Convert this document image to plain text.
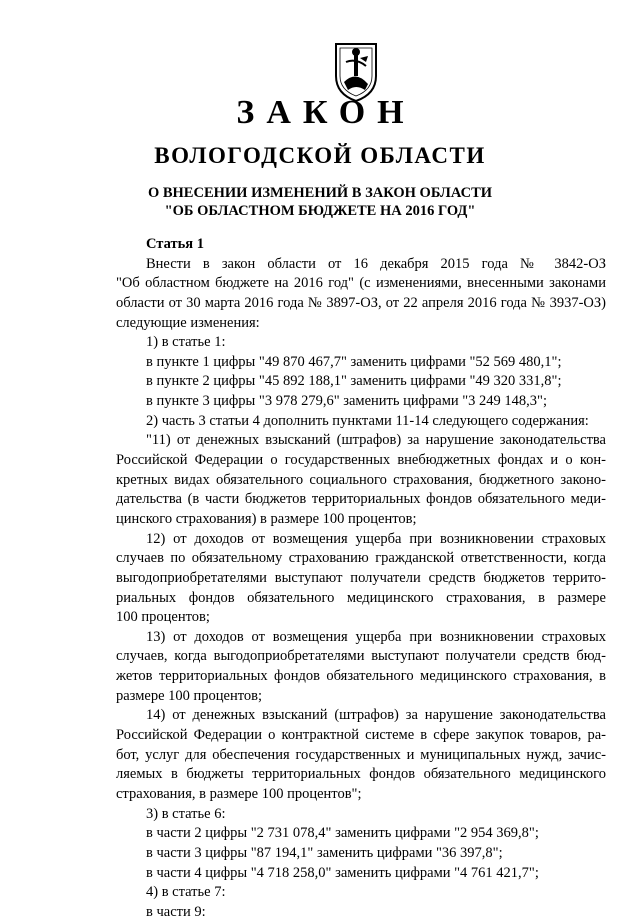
ЗАКОН
ВОЛОГОДСКОЙ ОБЛАСТИ
О ВНЕСЕНИИ ИЗМЕНЕНИЙ В ЗАКОН ОБЛАСТИ
"ОБ ОБЛАСТНОМ БЮДЖЕТЕ НА 2016 ГОД"
Статья 1
Внести в закон области от 16 декабря 2015 года № 3842-ОЗ
"Об областном бюджете на 2016 год" (с изменениями, внесенными законами
области от 30 марта 2016 года № 3897-ОЗ, от 22 апреля 2016 года № 3937-ОЗ)
следующие изменения:
1) в статье 1:
в пункте 1 цифры "49 870 467,7" заменить цифрами "52 569 480,1";
в пункте 2 цифры "45 892 188,1" заменить цифрами "49 320 331,8";
в пункте 3 цифры "3 978 279,6" заменить цифрами "3 249 148,3";
2) часть 3 статьи 4 дополнить пунктами 11-14 следующего содержания:
"11) от денежных взысканий (штрафов) за нарушение законодательства
Российской Федерации о государственных внебюджетных фондах и о кон-
кретных видах обязательного социального страхования, бюджетного законо-
дательства (в части бюджетов территориальных фондов обязательного меди-
цинского страхования) в размере 100 процентов;
12) от доходов от возмещения ущерба при возникновении страховых
случаев по обязательному страхованию гражданской ответственности, когда
выгодоприобретателями выступают получатели средств бюджетов террито-
риальных фондов обязательного медицинского страхования, в размере
100 процентов;
13) от доходов от возмещения ущерба при возникновении страховых
случаев, когда выгодоприобретателями выступают получатели средств бюд-
жетов территориальных фондов обязательного медицинского страхования, в
размере 100 процентов;
14) от денежных взысканий (штрафов) за нарушение законодательства
Российской Федерации о контрактной системе в сфере закупок товаров, ра-
бот, услуг для обеспечения государственных и муниципальных нужд, зачис-
ляемых в бюджеты территориальных фондов обязательного медицинского
страхования, в размере 100 процентов";
3) в статье 6:
в части 2 цифры "2 731 078,4" заменить цифрами "2 954 369,8";
в части 3 цифры "87 194,1" заменить цифрами "36 397,8";
в части 4 цифры "4 718 258,0" заменить цифрами "4 761 421,7";
4) в статье 7:
в части 9:
